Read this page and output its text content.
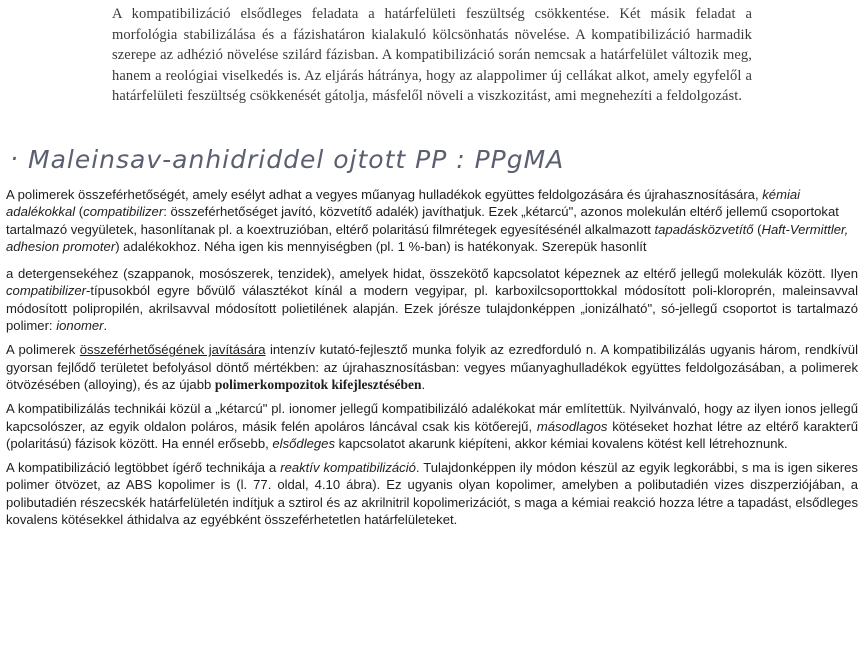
A kompatibilizáció elsődleges feladata a határfelületi feszültség csökkentése. Két másik feladat a morfológia stabilizálása és a fázishatáron kialakuló kölcsönhatás növelése. A kompatibilizáció harmadik szerepe az adhézió növelése szilárd fázisban. A kompatibilizáció során nemcsak a határfelület változik meg, hanem a reológiai viselkedés is. Az eljárás hátránya, hogy az alappolimer új cellákat alkot, amely egyfelől a határfelületi feszültség csökkenését gátolja, másfelől növeli a viszkozitást, ami megnehezíti a feldolgozást.

· Maleinsav-anhidriddel ojtott PP : PPgMA

A polimerek összeférhetőségét, amely esélyt adhat a vegyes műanyag hulladékok együttes feldolgozására és újrahasznosítására, kémiai adalékokkal (compatibilizer: összeférhetőséget javító, közvetítő adalék) javíthatjuk. Ezek „kétarcú", azonos molekulán eltérő jellemű csoportokat tartalmazó vegyületek, hasonlítanak pl. a koextruzióban, eltérő polaritású filmrétegek egyesítésénél alkalmazott tapadásközvetítő (Haft-Vermittler, adhesion promoter) adalékokhoz. Néha igen kis mennyiségben (pl. 1 %-ban) is hatékonyak. Szerepük hasonlít

a detergensekéhez (szappanok, mosószerek, tenzidek), amelyek hidat, összekötő kapcsolatot képeznek az eltérő jellegű molekulák között. Ilyen compatibilizer-típusokból egyre bővülő választékot kínál a modern vegyipar, pl. karboxilcsoporttokkal módosított poli-kloroprén, maleinsavval módosított polipropilén, akrilsavval módosított polietilének alapján. Ezek jórésze tulajdonképpen „ionizálható", só-jellegű csoportot is tartalmazó polimer: ionomer.

A polimerek összeférhetőségének javítására intenzív kutató-fejlesztő munka folyik az ezredforduló n. A kompatibilizálás ugyanis három, rendkívül gyorsan fejlődő területet befolyásol döntő mértékben: az újrahasznosításban: vegyes műanyaghulladékok együttes feldolgozásában, a polimerek ötvözésében (alloying), és az újabb polimerkompozitok kifejlesztésében.

A kompatibilizálás technikái közül a „kétarcú" pl. ionomer jellegű kompatibilizáló adalékokat már említettük. Nyilvánvaló, hogy az ilyen ionos jellegű kapcsolószer, az egyik oldalon poláros, másik felén apoláros láncával csak kis kötőerejű, másodlagos kötéseket hozhat létre az eltérő karakterű (polaritású) fázisok között. Ha ennél erősebb, elsődleges kapcsolatot akarunk kiépíteni, akkor kémiai kovalens kötést kell létrehoznunk.

A kompatibilizáció legtöbbet ígérő technikája a reaktív kompatibilizáció. Tulajdonképpen ily módon készül az egyik legkorábbi, s ma is igen sikeres polimer ötvözet, az ABS kopolimer is (l. 77. oldal, 4.10 ábra). Ez ugyanis olyan kopolimer, amelyben a polibutadién vizes diszperziójában, a polibutadién részecskék határfelületén indítjuk a sztirol és az akrilnitril kopolimerizációt, s maga a kémiai reakció hozza létre a tapadást, elsődleges kovalens kötésekkel áthidalva az egyébként összeférhetetlen határfelületeket.
